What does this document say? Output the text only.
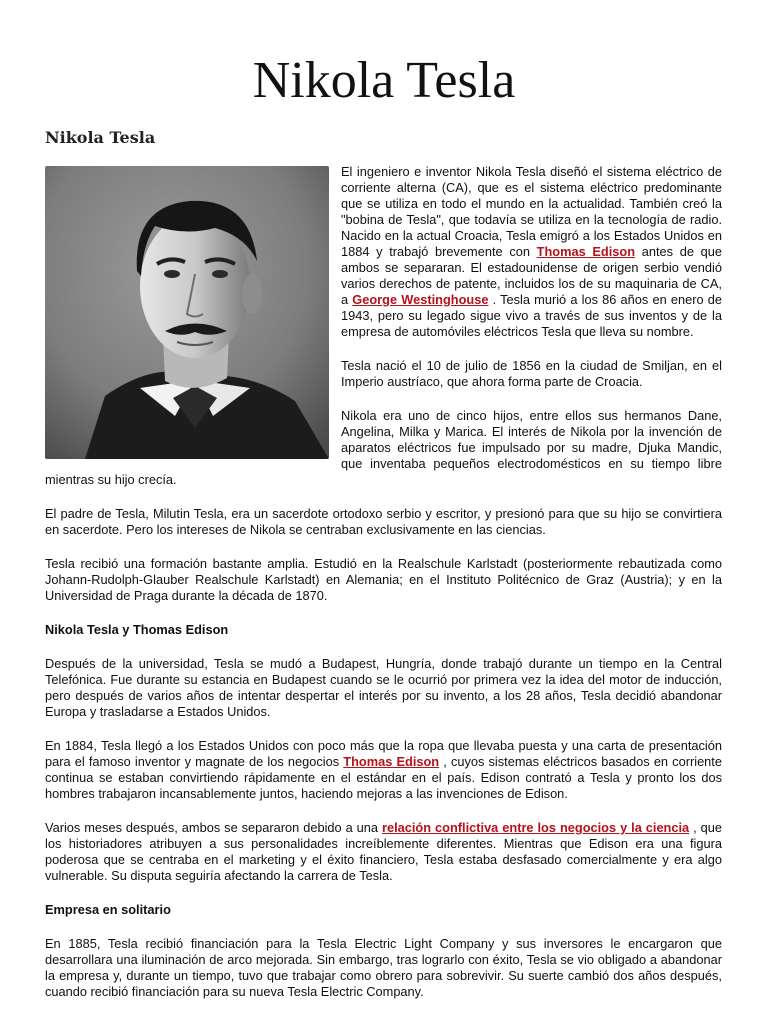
Nikola Tesla
Nikola Tesla

El ingeniero e inventor Nikola Tesla diseñó el sistema eléctrico de corriente alterna (CA), que es el sistema eléctrico predominante que se utiliza en todo el mundo en la actualidad. También creó la "bobina de Tesla", que todavía se utiliza en la tecnología de radio. Nacido en la actual Croacia, Tesla emigró a los Estados Unidos en 1884 y trabajó brevemente con Thomas Edison antes de que ambos se separaran. El estadounidense de origen serbio vendió varios derechos de patente, incluidos los de su maquinaria de CA, a George Westinghouse . Tesla murió a los 86 años en enero de 1943, pero su legado sigue vivo a través de sus inventos y de la empresa de automóviles eléctricos Tesla que lleva su nombre.

Tesla nació el 10 de julio de 1856 en la ciudad de Smiljan, en el Imperio austríaco, que ahora forma parte de Croacia.

Nikola era uno de cinco hijos, entre ellos sus hermanos Dane, Angelina, Milka y Marica. El interés de Nikola por la invención de aparatos eléctricos fue impulsado por su madre, Djuka Mandic, que inventaba pequeños electrodomésticos en su tiempo libre mientras su hijo crecía.

El padre de Tesla, Milutin Tesla, era un sacerdote ortodoxo serbio y escritor, y presionó para que su hijo se convirtiera en sacerdote. Pero los intereses de Nikola se centraban exclusivamente en las ciencias.

Tesla recibió una formación bastante amplia. Estudió en la Realschule Karlstadt (posteriormente rebautizada como Johann-Rudolph-Glauber Realschule Karlstadt) en Alemania; en el Instituto Politécnico de Graz (Austria); y en la Universidad de Praga durante la década de 1870.

Nikola Tesla y Thomas Edison

Después de la universidad, Tesla se mudó a Budapest, Hungría, donde trabajó durante un tiempo en la Central Telefónica. Fue durante su estancia en Budapest cuando se le ocurrió por primera vez la idea del motor de inducción, pero después de varios años de intentar despertar el interés por su invento, a los 28 años, Tesla decidió abandonar Europa y trasladarse a Estados Unidos.

En 1884, Tesla llegó a los Estados Unidos con poco más que la ropa que llevaba puesta y una carta de presentación para el famoso inventor y magnate de los negocios Thomas Edison , cuyos sistemas eléctricos basados en corriente continua se estaban convirtiendo rápidamente en el estándar en el país. Edison contrató a Tesla y pronto los dos hombres trabajaron incansablemente juntos, haciendo mejoras a las invenciones de Edison.

Varios meses después, ambos se separaron debido a una relación conflictiva entre los negocios y la ciencia , que los historiadores atribuyen a sus personalidades increíblemente diferentes. Mientras que Edison era una figura poderosa que se centraba en el marketing y el éxito financiero, Tesla estaba desfasado comercialmente y era algo vulnerable. Su disputa seguiría afectando la carrera de Tesla.

Empresa en solitario

En 1885, Tesla recibió financiación para la Tesla Electric Light Company y sus inversores le encargaron que desarrollara una iluminación de arco mejorada. Sin embargo, tras lograrlo con éxito, Tesla se vio obligado a abandonar la empresa y, durante un tiempo, tuvo que trabajar como obrero para sobrevivir. Su suerte cambió dos años después, cuando recibió financiación para su nueva Tesla Electric Company.
